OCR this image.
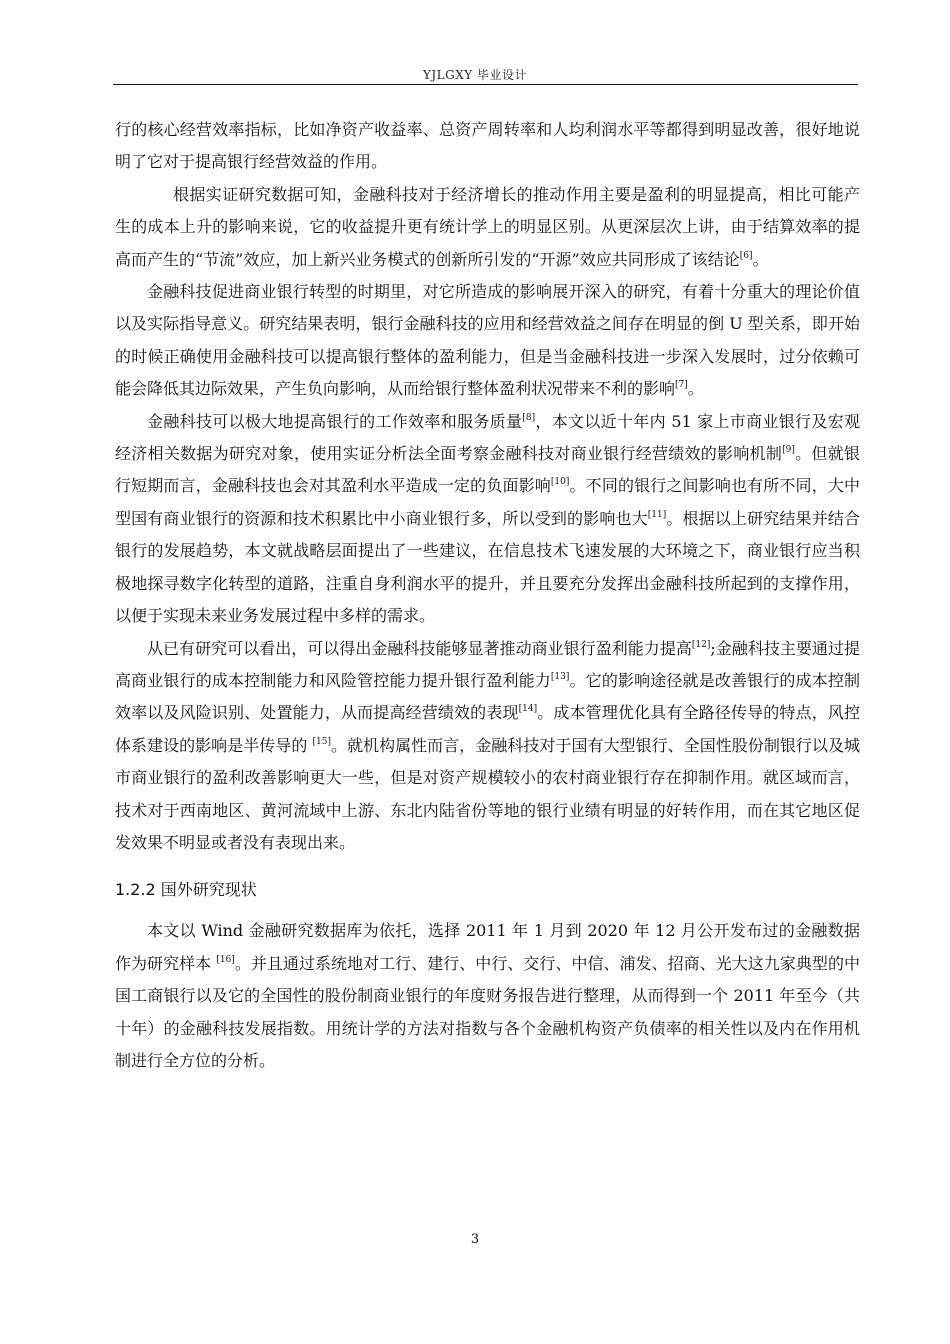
YJLGXY 毕业设计

行的核心经营效率指标，比如净资产收益率、总资产周转率和人均利润水平等都得到明显改善，很好地说明了它对于提高银行经营效益的作用。

根据实证研究数据可知，金融科技对于经济增长的推动作用主要是盈利的明显提高，相比可能产生的成本上升的影响来说，它的收益提升更有统计学上的明显区别。从更深层次上讲，由于结算效率的提高而产生的“节流”效应，加上新兴业务模式的创新所引发的“开源”效应共同形成了该结论[6]。

金融科技促进商业银行转型的时期里，对它所造成的影响展开深入的研究，有着十分重大的理论价值以及实际指导意义。研究结果表明，银行金融科技的应用和经营效益之间存在明显的倒 U 型关系，即开始的时候正确使用金融科技可以提高银行整体的盈利能力，但是当金融科技进一步深入发展时，过分依赖可能会降低其边际效果，产生负向影响，从而给银行整体盈利状况带来不利的影响[7]。

金融科技可以极大地提高银行的工作效率和服务质量[8]，本文以近十年内 51 家上市商业银行及宏观经济相关数据为研究对象，使用实证分析法全面考察金融科技对商业银行经营绩效的影响机制[9]。但就银行短期而言，金融科技也会对其盈利水平造成一定的负面影响[10]。不同的银行之间影响也有所不同，大中型国有商业银行的资源和技术积累比中小商业银行多，所以受到的影响也大[11]。根据以上研究结果并结合银行的发展趋势，本文就战略层面提出了一些建议，在信息技术飞速发展的大环境之下，商业银行应当积极地探寻数字化转型的道路，注重自身利润水平的提升，并且要充分发挥出金融科技所起到的支撑作用，以便于实现未来业务发展过程中多样的需求。

从已有研究可以看出，可以得出金融科技能够显著推动商业银行盈利能力提高[12];金融科技主要通过提高商业银行的成本控制能力和风险管控能力提升银行盈利能力[13]。它的影响途径就是改善银行的成本控制效率以及风险识别、处置能力，从而提高经营绩效的表现[14]。成本管理优化具有全路径传导的特点，风控体系建设的影响是半传导的 [15]。就机构属性而言，金融科技对于国有大型银行、全国性股份制银行以及城市商业银行的盈利改善影响更大一些，但是对资产规模较小的农村商业银行存在抑制作用。就区域而言，技术对于西南地区、黄河流域中上游、东北内陆省份等地的银行业绩有明显的好转作用，而在其它地区促发效果不明显或者没有表现出来。

1.2.2 国外研究现状

本文以 Wind 金融研究数据库为依托，选择 2011 年 1 月到 2020 年 12 月公开发布过的金融数据作为研究样本 [16]。并且通过系统地对工行、建行、中行、交行、中信、浦发、招商、光大这九家典型的中国工商银行以及它的全国性的股份制商业银行的年度财务报告进行整理，从而得到一个 2011 年至今（共十年）的金融科技发展指数。用统计学的方法对指数与各个金融机构资产负债率的相关性以及内在作用机制进行全方位的分析。

3
